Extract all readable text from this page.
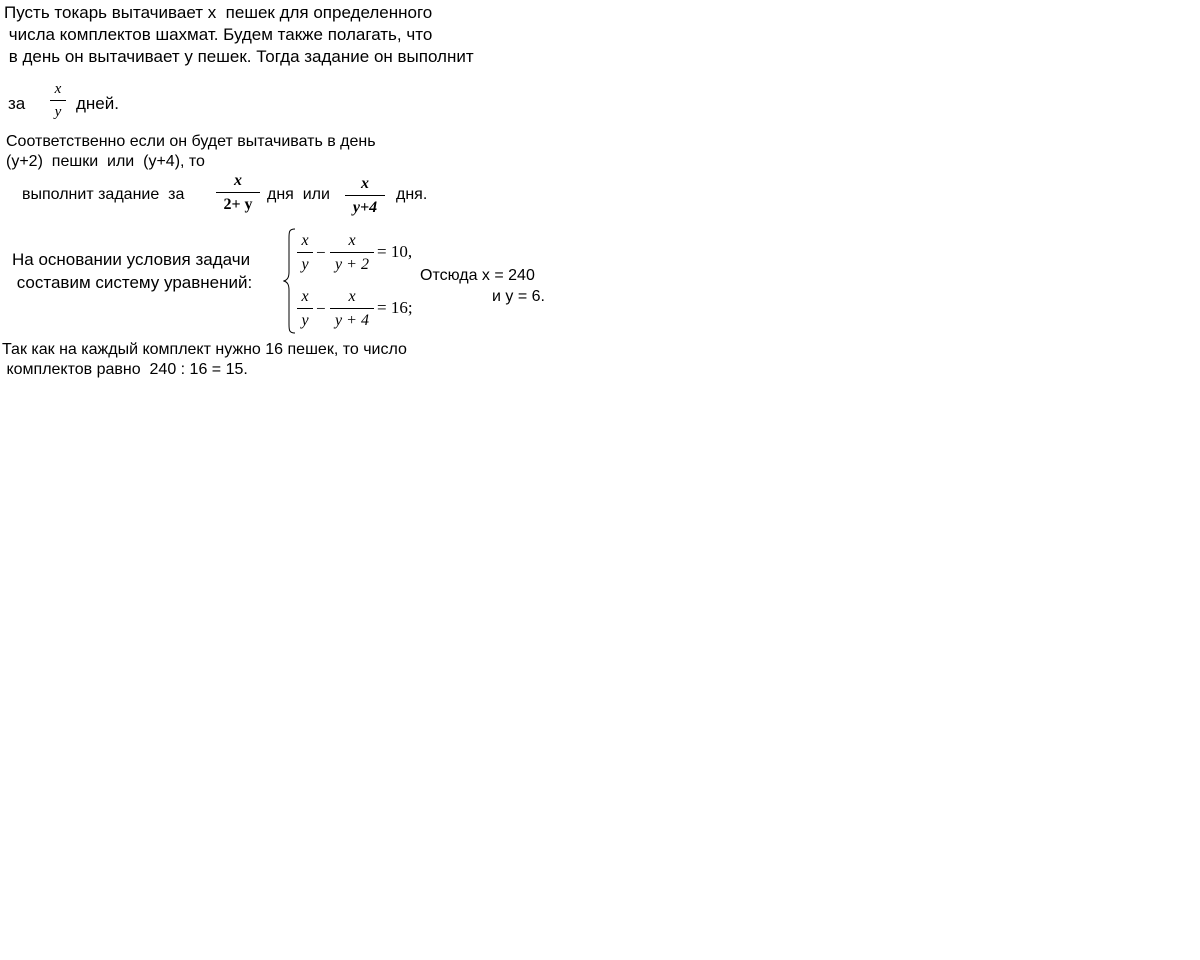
Пусть токарь вытачивает x  пешек для определенного
числа комплектов шахмат. Будем также полагать, что
в день он вытачивает y пешек. Тогда задание он выполнит
за
x
y дней.
Соответственно если он будет вытачивать в день
(y+2)  пешки  или  (y+4), то
выполнит задание  за
x
2+ y
дня  или
x
y+4
дня.
На основании условия задачи
составим систему уравнений:
x
y
−
x
y + 2
= 10,
x
y
−
x
y + 4
= 16;
Отсюда x = 240
и y = 6.
Так как на каждый комплект нужно 16 пешек, то число
комплектов равно  240 : 16 = 15.
